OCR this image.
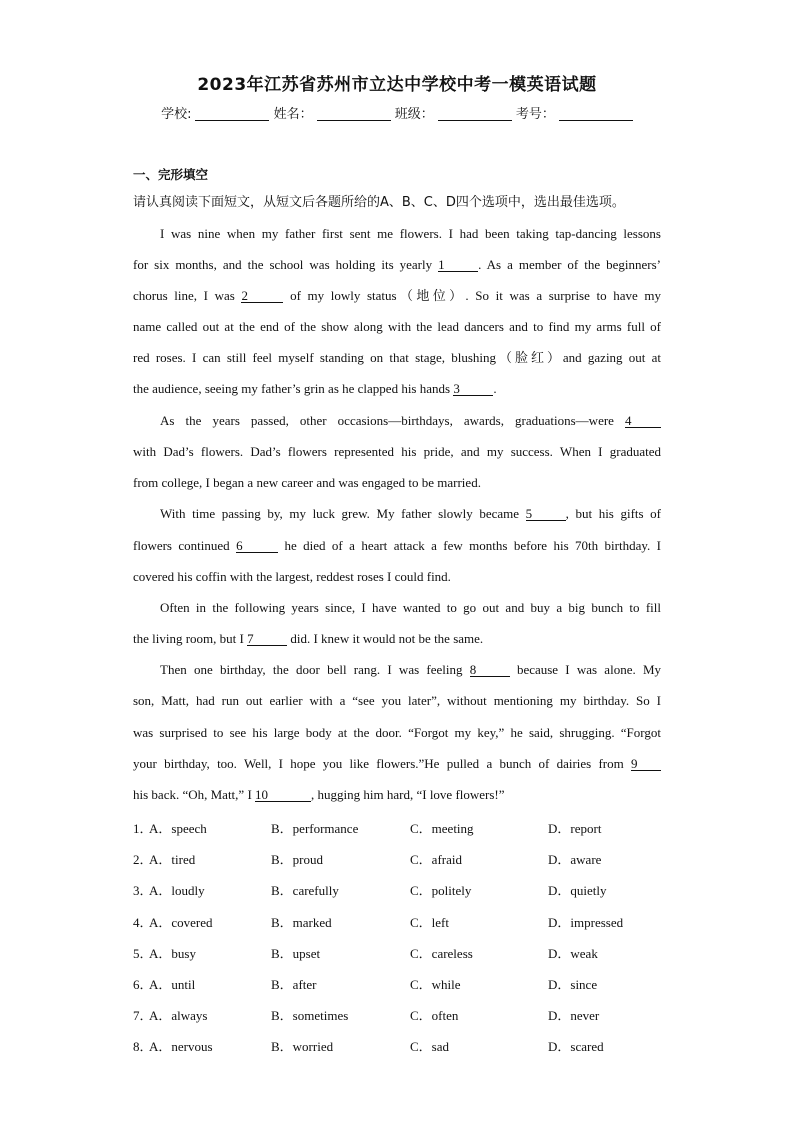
2023年江苏省苏州市立达中学校中考一模英语试题
学校:	姓名：	班级：	考号：
一、完形填空
请认真阅读下面短文，从短文后各题所给的A、B、C、D四个选项中，选出最佳选项。
I was nine when my father first sent me flowers. I had been taking tap-dancing lessons
for six months, and the school was holding its yearly 1	. As a member of the beginners’
chorus line, I was 2	of my lowly status（地位）. So it was a surprise to have my
name called out at the end of the show along with the lead dancers and to find my arms full of
red roses. I can still feel myself standing on that stage, blushing（脸红）and gazing out at
the audience, seeing my father’s grin as he clapped his hands 3	.
As the years passed, other occasions—birthdays, awards, graduations—were 4
with Dad’s flowers. Dad’s flowers represented his pride, and my success. When I graduated
from college, I began a new career and was engaged to be married.
With time passing by, my luck grew. My father slowly became 5	, but his gifts of
flowers continued 6	he died of a heart attack a few months before his 70th birthday. I
covered his coffin with the largest, reddest roses I could find.
Often in the following years since, I have wanted to go out and buy a big bunch to fill
the living room, but I 7	did. I knew it would not be the same.
Then one birthday, the door bell rang. I was feeling 8	because I was alone. My
son, Matt, had run out earlier with a “see you later”, without mentioning my birthday. So I
was surprised to see his large body at the door. “Forgot my key,” he said, shrugging. “Forgot
your birthday, too. Well, I hope you like flowers.”He pulled a bunch of dairies from 9
his back. “Oh, Matt,” I 10	, hugging him hard, “I love flowers!”
1．
A．speech	B．performance	C．meeting	D．report
2．
A．tired	B．proud	C．afraid	D．aware
3．
A．loudly	B．carefully	C．politely	D．quietly
4．
A．covered	B．marked	C．left	D．impressed
5．
A．busy	B．upset	C．careless	D．weak
6．
A．until	B．after	C．while	D．since
7．
A．always	B．sometimes	C．often	D．never
8．
A．nervous	B．worried	C．sad	D．scared
